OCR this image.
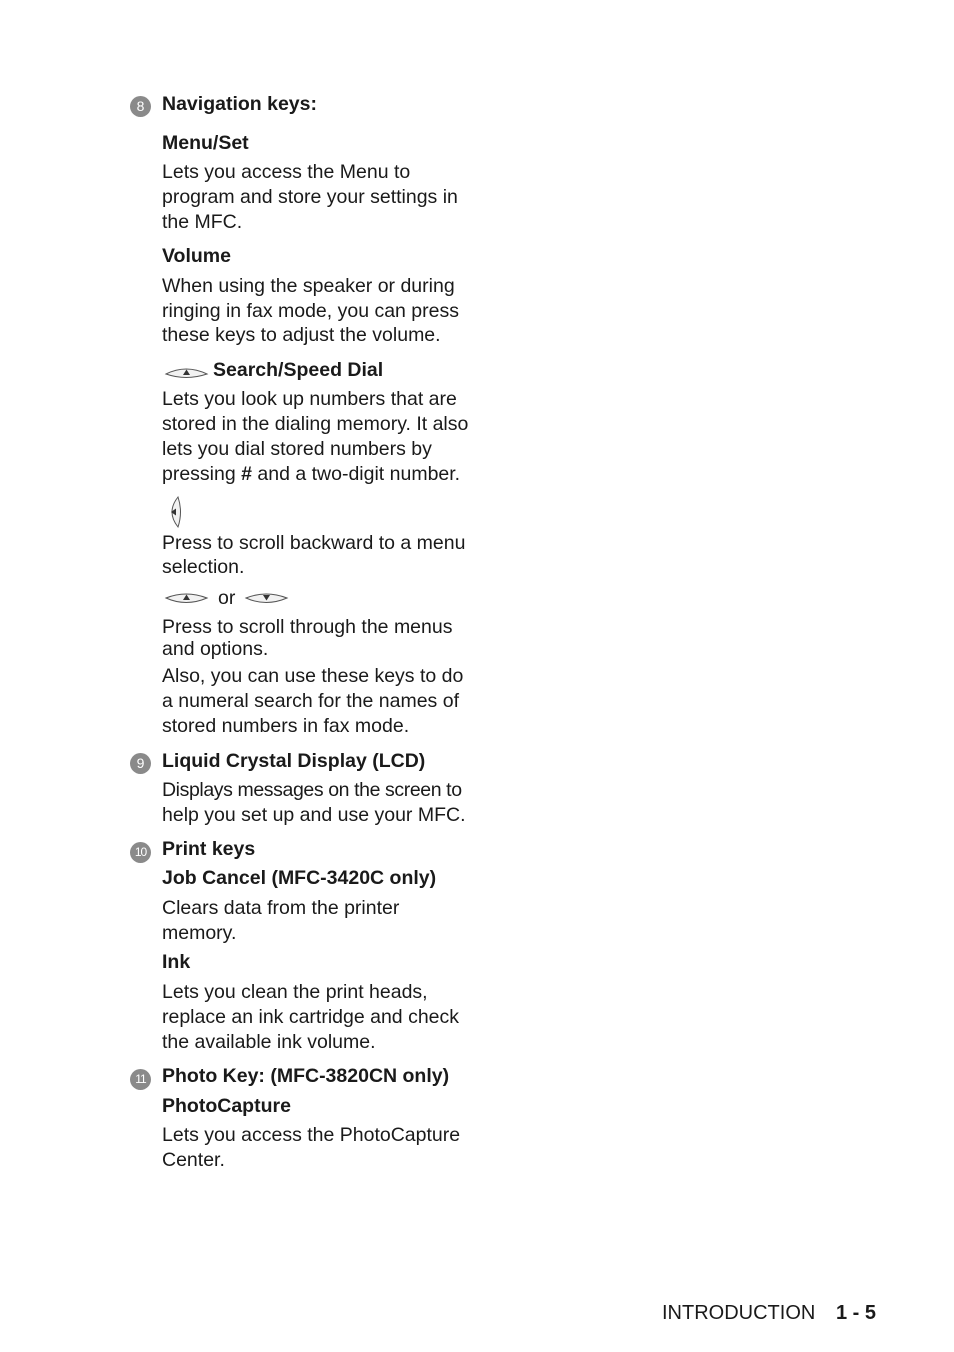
8 Navigation keys:
Menu/Set
Lets you access the Menu to
program and store your settings in
the MFC.
Volume
When using the speaker or during
ringing in fax mode, you can press
these keys to adjust the volume.
Search/Speed Dial
Lets you look up numbers that are
stored in the dialing memory. It also
lets you dial stored numbers by
pressing # and a two-digit number.
Press to scroll backward to a menu
selection.
or
Press to scroll through the menus
and options.
Also, you can use these keys to do
a numeral search for the names of
stored numbers in fax mode.
9 Liquid Crystal Display (LCD)
Displays messages on the screen to
help you set up and use your MFC.
10 Print keys
Job Cancel (MFC-3420C only)
Clears data from the printer
memory.
Ink
Lets you clean the print heads,
replace an ink cartridge and check
the available ink volume.
11 Photo Key: (MFC-3820CN only)
PhotoCapture
Lets you access the PhotoCapture
Center.
INTRODUCTION 1 - 5
